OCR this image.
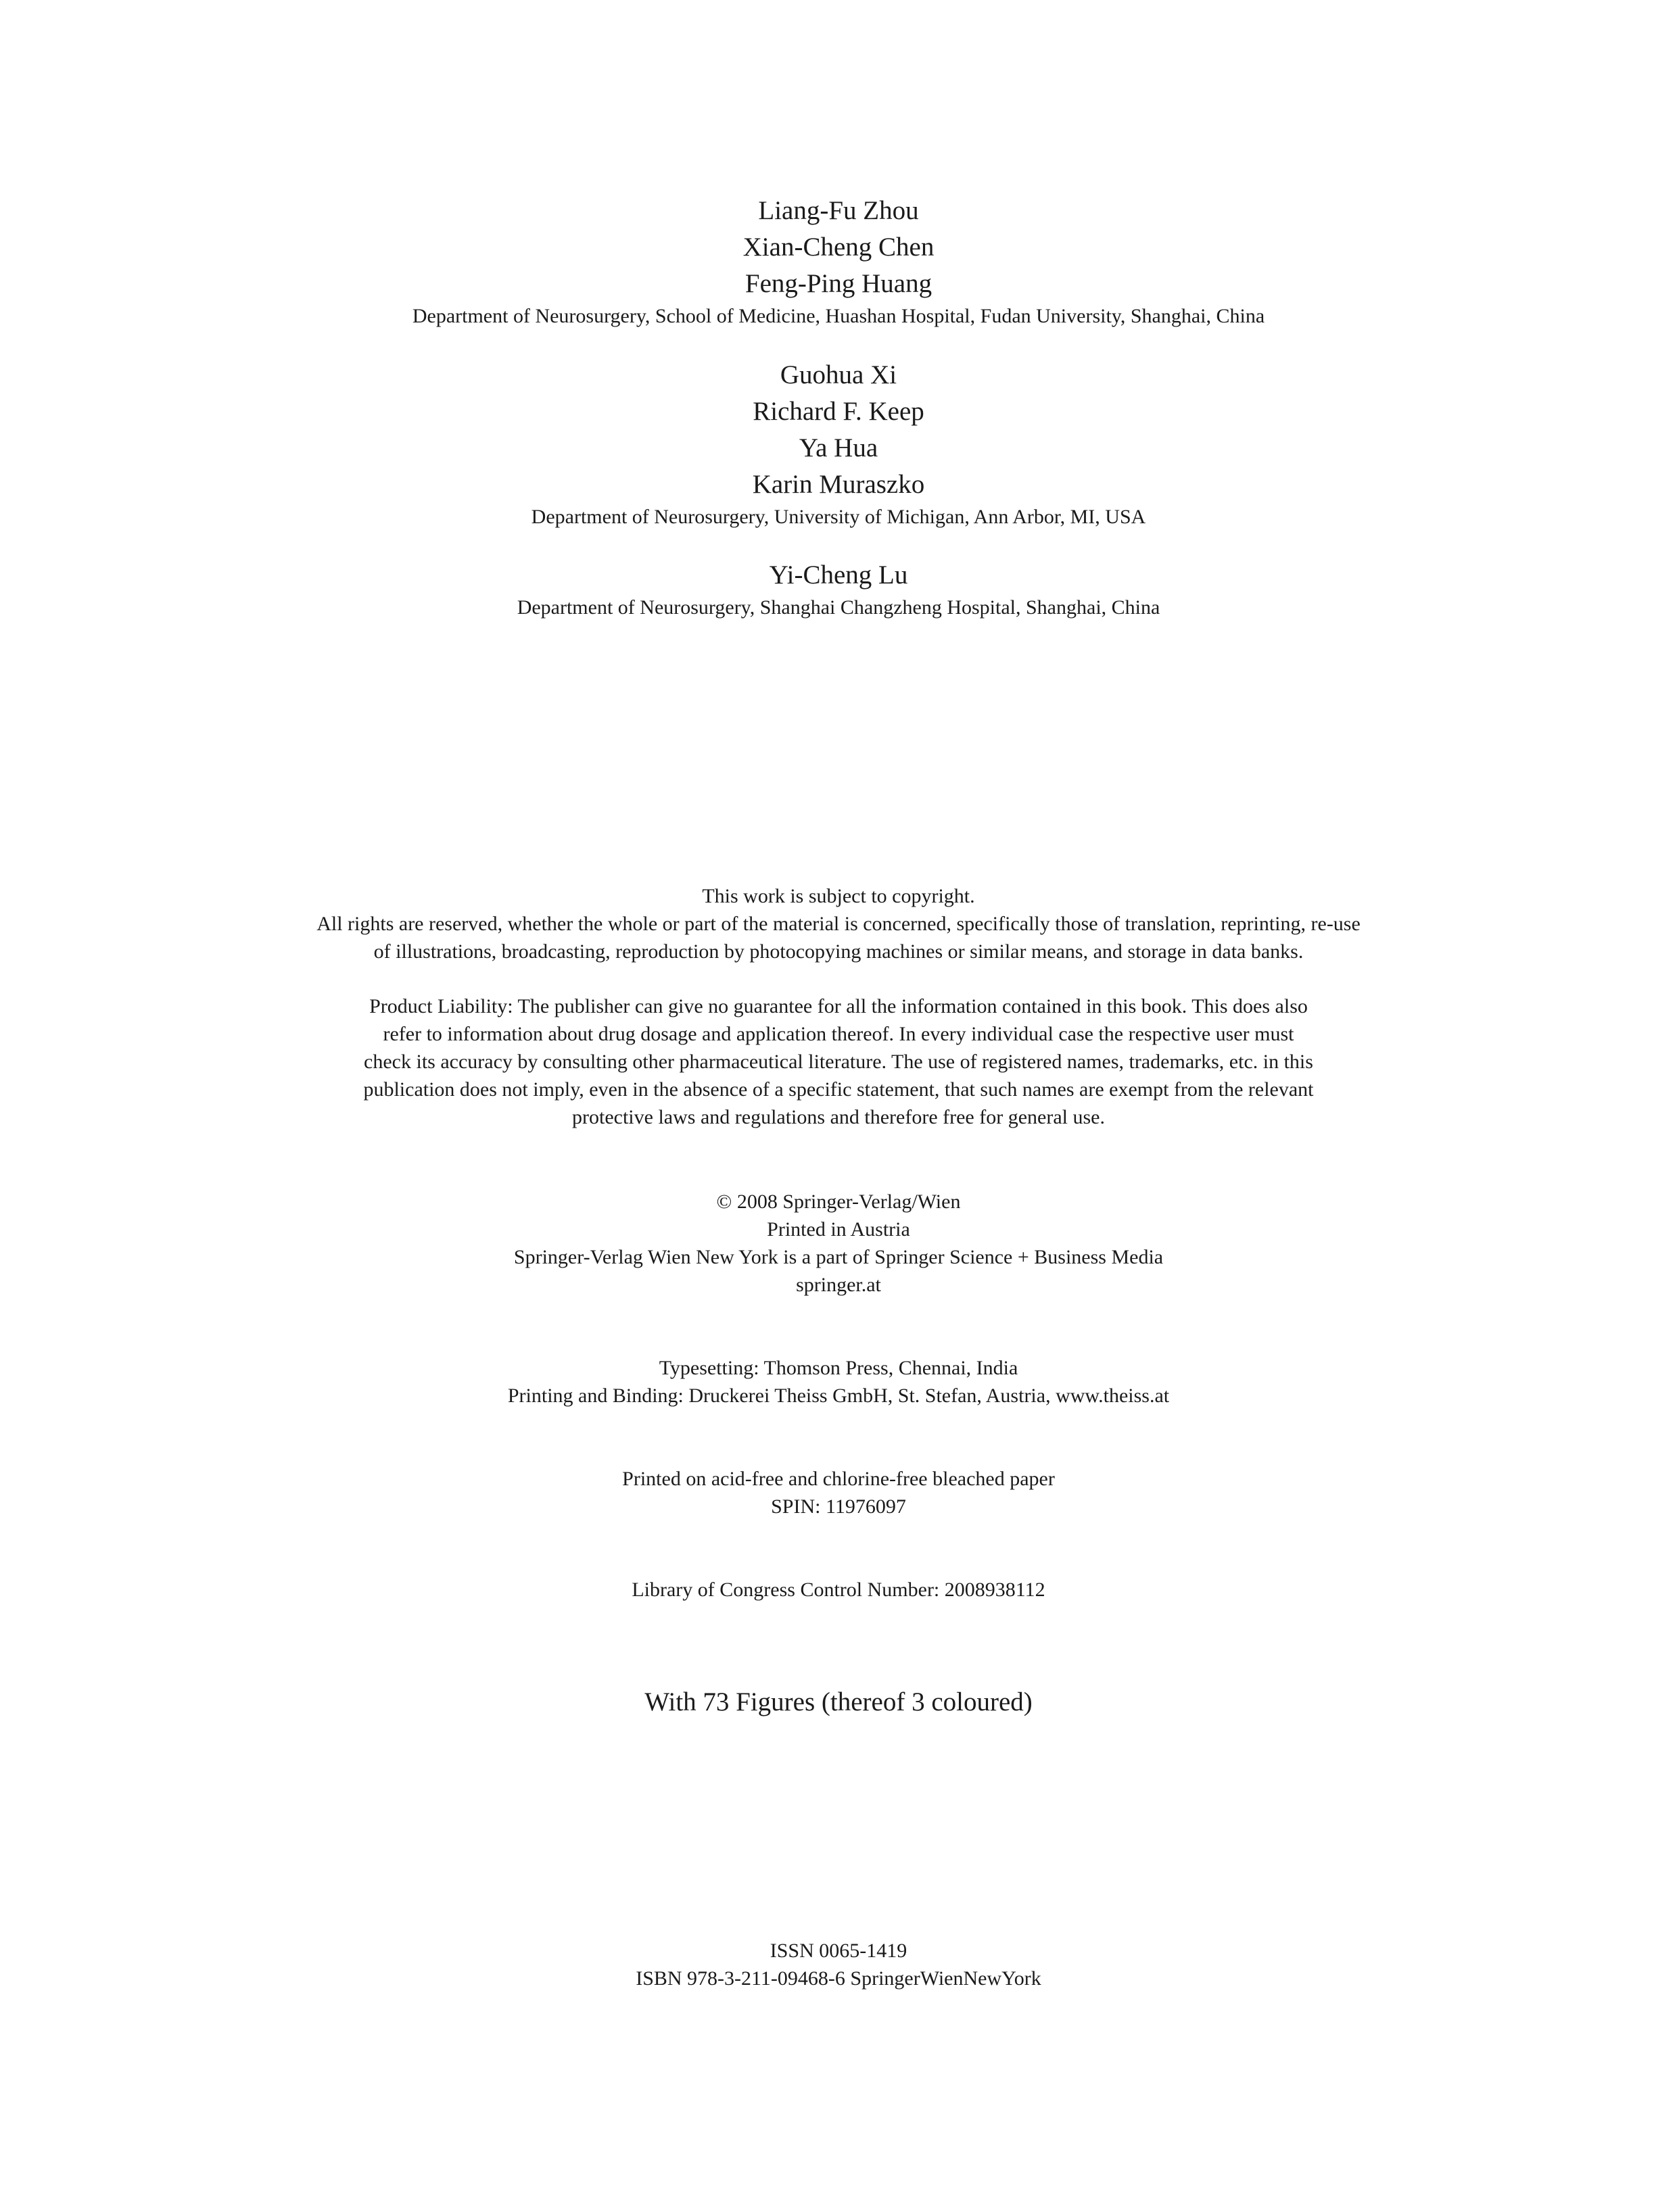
Liang-Fu Zhou
Xian-Cheng Chen
Feng-Ping Huang
Department of Neurosurgery, School of Medicine, Huashan Hospital, Fudan University, Shanghai, China
Guohua Xi
Richard F. Keep
Ya Hua
Karin Muraszko
Department of Neurosurgery, University of Michigan, Ann Arbor, MI, USA
Yi-Cheng Lu
Department of Neurosurgery, Shanghai Changzheng Hospital, Shanghai, China
This work is subject to copyright.
All rights are reserved, whether the whole or part of the material is concerned, specifically those of translation, reprinting, re-use
of illustrations, broadcasting, reproduction by photocopying machines or similar means, and storage in data banks.
Product Liability: The publisher can give no guarantee for all the information contained in this book. This does also
refer to information about drug dosage and application thereof. In every individual case the respective user must
check its accuracy by consulting other pharmaceutical literature. The use of registered names, trademarks, etc. in this
publication does not imply, even in the absence of a specific statement, that such names are exempt from the relevant
protective laws and regulations and therefore free for general use.
© 2008 Springer-Verlag/Wien
Printed in Austria
Springer-Verlag Wien New York is a part of Springer Science + Business Media
springer.at
Typesetting: Thomson Press, Chennai, India
Printing and Binding: Druckerei Theiss GmbH, St. Stefan, Austria, www.theiss.at
Printed on acid-free and chlorine-free bleached paper
SPIN: 11976097
Library of Congress Control Number: 2008938112
With 73 Figures (thereof 3 coloured)
ISSN 0065-1419
ISBN 978-3-211-09468-6 SpringerWienNewYork
